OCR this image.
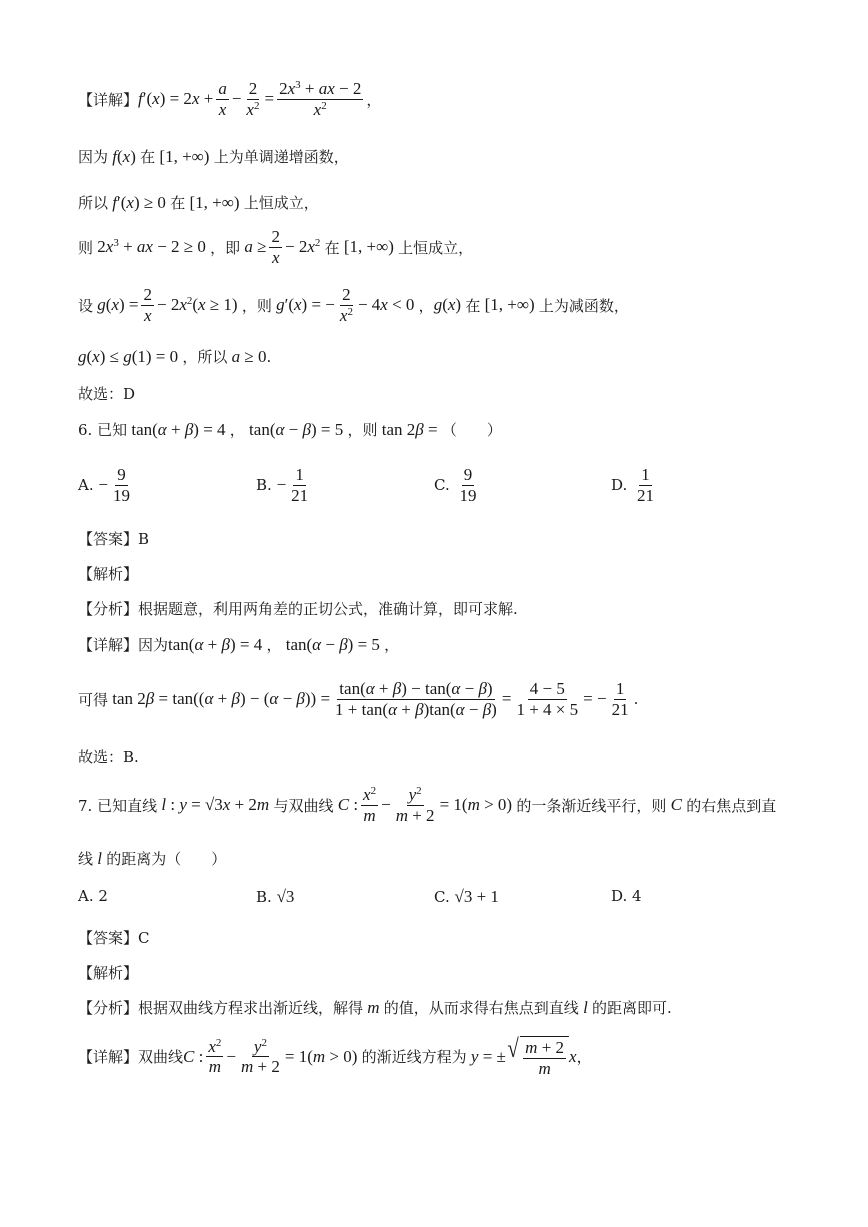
【详解】 $f'(x) = 2x + \frac{a}{x} - \frac{2}{x^2} = \frac{2x^3 + ax - 2}{x^2}$ ，
因为 f(x) 在 [1, +∞) 上为单调递增函数，
所以 f′(x) ≥ 0 在 [1, +∞) 上恒成立，
则 $2x^3$ + ax − 2 ≥ 0 ，即 $a \ge \frac{2}{x} - 2x^2$ 在 [1, +∞) 上恒成立，
设 $g(x) = \frac{2}{x} - 2x^2(x \ge 1)$ ，则 g′(x) = − $\frac{2}{x^2} - 4x < 0$ ， g(x) 在 [1, +∞) 上为减函数，
g(x) ≤ g(1) = 0 ，所以 a ≥ 0 .
故选：D
6. 已知 tan(α + β) = 4 ， tan(α − β) = 5 ，则 tan 2β = （　　）
A. − $\frac{9}{19}$	B. − $\frac{1}{21}$	C. $\frac{9}{19}$	D. $\frac{1}{21}$
【答案】B
【解析】
【分析】根据题意，利用两角差的正切公式，准确计算，即可求解.
【详解】因为 tan(α + β) = 4 ， tan(α − β) = 5 ，
可得 $\tan 2\beta = \tan((\alpha + \beta) - (\alpha - \beta)) = \frac{\tan(\alpha + \beta) - \tan(\alpha - \beta)}{1 + \tan(\alpha + \beta)\tan(\alpha - \beta)} = \frac{4 - 5}{1 + 4 \times 5}$ = − $\frac{1}{21}$ .
故选：B.
7. 已知直线 l : y = √3x + 2m 与双曲线 C : $\frac{x^2}{m} - \frac{y^2}{m + 2} = 1(m > 0)$ 的一条渐近线平行，则 C 的右焦点到直
线 l 的距离为（　　）
A. 2	B. √3	C. √3 + 1	D. 4
【答案】C
【解析】
【分析】根据双曲线方程求出渐近线，解得 m 的值，从而求得右焦点到直线 l 的距离即可.
【详解】双曲线 C : $\frac{x^2}{m} - \frac{y^2}{m + 2} = 1(m > 0)$ 的渐近线方程为 y = ± √ $\frac{m + 2}{m}$ x ，
